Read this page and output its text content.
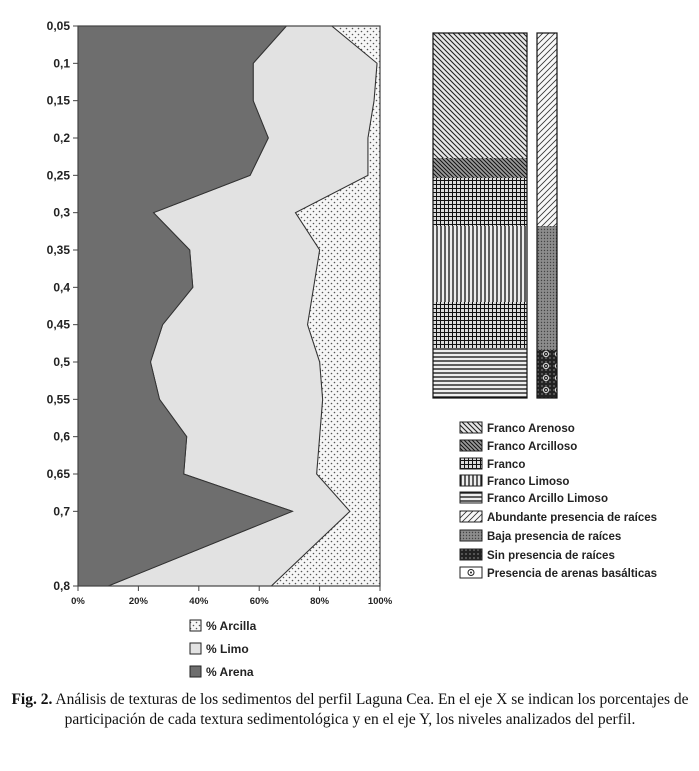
0,05
0,1
0,15
0,2
0,25
0,3
0,35
0,4
0,45
0,5
0,55
0,6
0,65
0,7
0,8
0%	20%	40%	60%	80%	100%
% Arcilla
% Limo
% Arena
Franco Arenoso
Franco Arcilloso
Franco
Franco Limoso
Franco Arcillo Limoso
Abundante presencia de raíces
Baja presencia de raíces
Sin presencia de raíces
Presencia de arenas basálticas
Fig. 2. Análisis de texturas de los sedimentos del perfil Laguna Cea. En el eje X se indican los porcentajes de participación de cada textura sedimentológica y en el eje Y, los niveles analizados del perfil.
